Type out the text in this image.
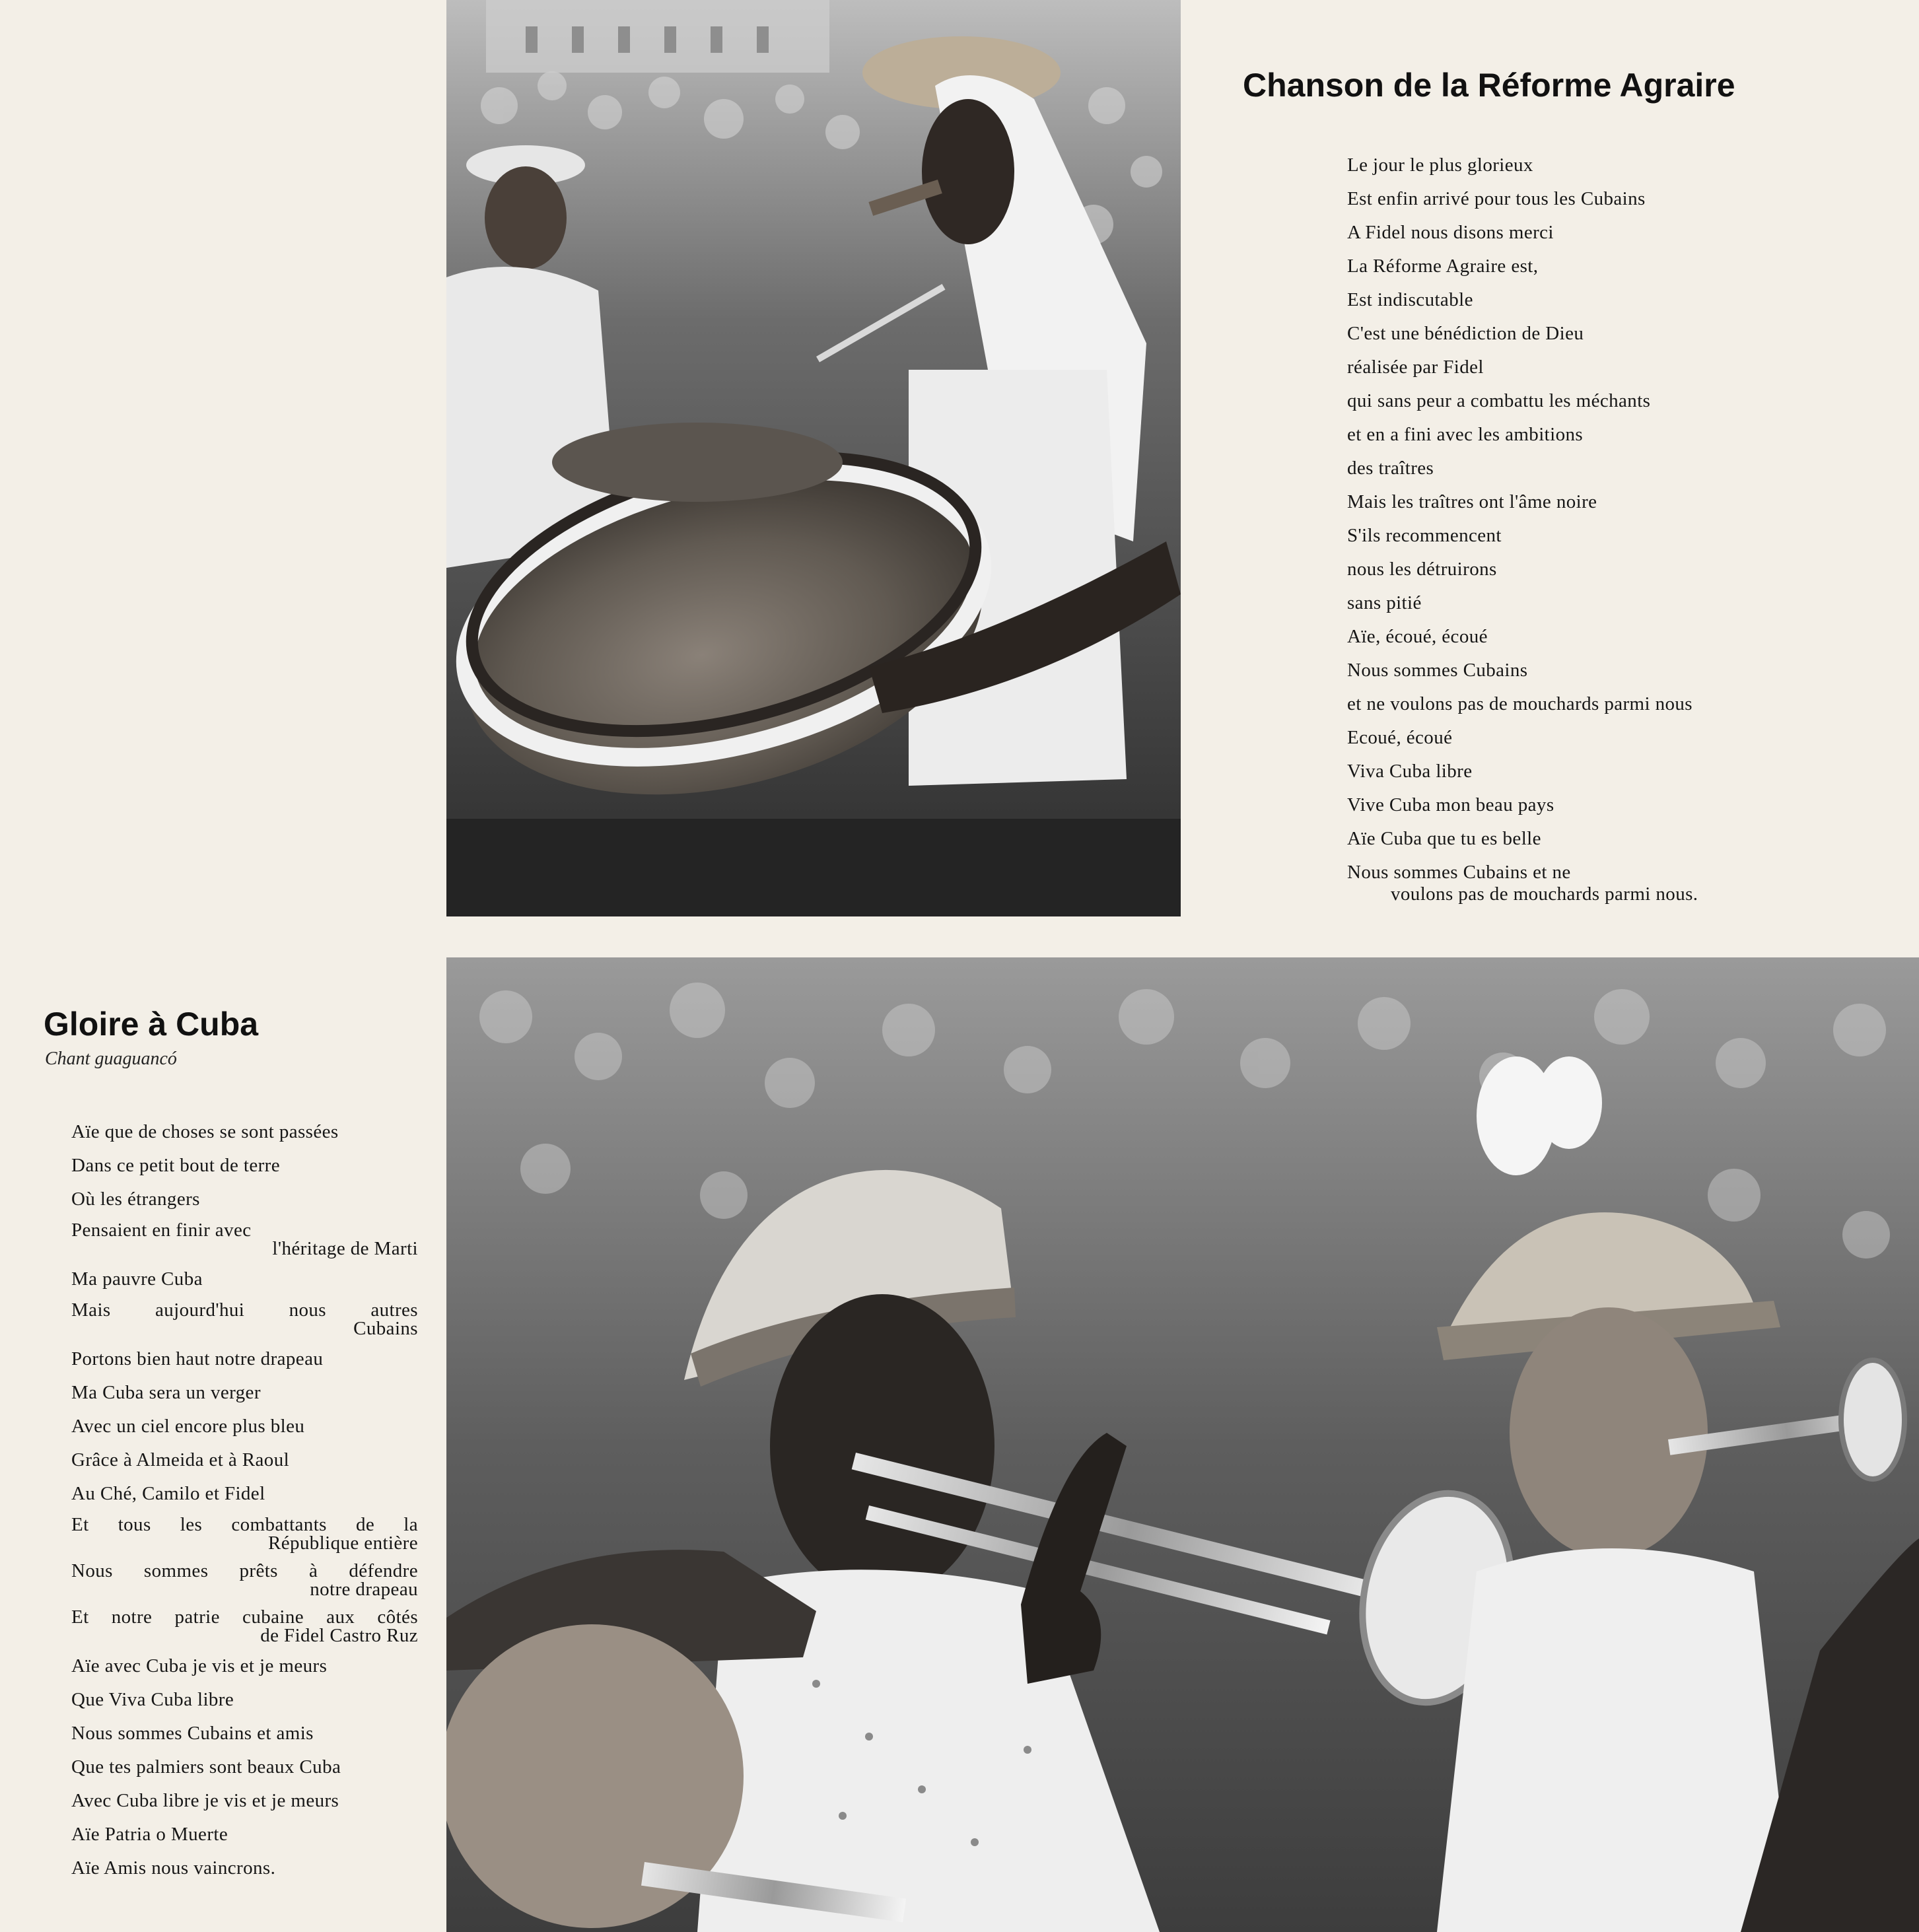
Chanson de la Réforme Agraire
Le jour le plus glorieux
Est enfin arrivé pour tous les Cubains
A Fidel nous disons merci
La Réforme Agraire est,
Est indiscutable
C'est une bénédiction de Dieu
réalisée par Fidel
qui sans peur a combattu les méchants
et en a fini avec les ambitions
des traîtres
Mais les traîtres ont l'âme noire
S'ils recommencent
nous les détruirons
sans pitié
Aïe, écoué, écoué
Nous sommes Cubains
et ne voulons pas de mouchards parmi nous
Ecoué, écoué
Viva Cuba libre
Vive Cuba mon beau pays
Aïe Cuba que tu es belle
Nous sommes Cubains et ne
voulons pas de mouchards parmi nous.
Gloire à Cuba
Chant guaguancó
Aïe que de choses se sont passées
Dans ce petit bout de terre
Où les étrangers
Pensaient en finir avec
l'héritage de Marti
Ma pauvre Cuba
Mais aujourd'hui nous autres
Cubains
Portons bien haut notre drapeau
Ma Cuba sera un verger
Avec un ciel encore plus bleu
Grâce à Almeida et à Raoul
Au Ché, Camilo et Fidel
Et tous les combattants de la
République entière
Nous sommes prêts à défendre
notre drapeau
Et notre patrie cubaine aux côtés
de Fidel Castro Ruz
Aïe avec Cuba je vis et je meurs
Que Viva Cuba libre
Nous sommes Cubains et amis
Que tes palmiers sont beaux Cuba
Avec Cuba libre je vis et je meurs
Aïe Patria o Muerte
Aïe Amis nous vaincrons.
